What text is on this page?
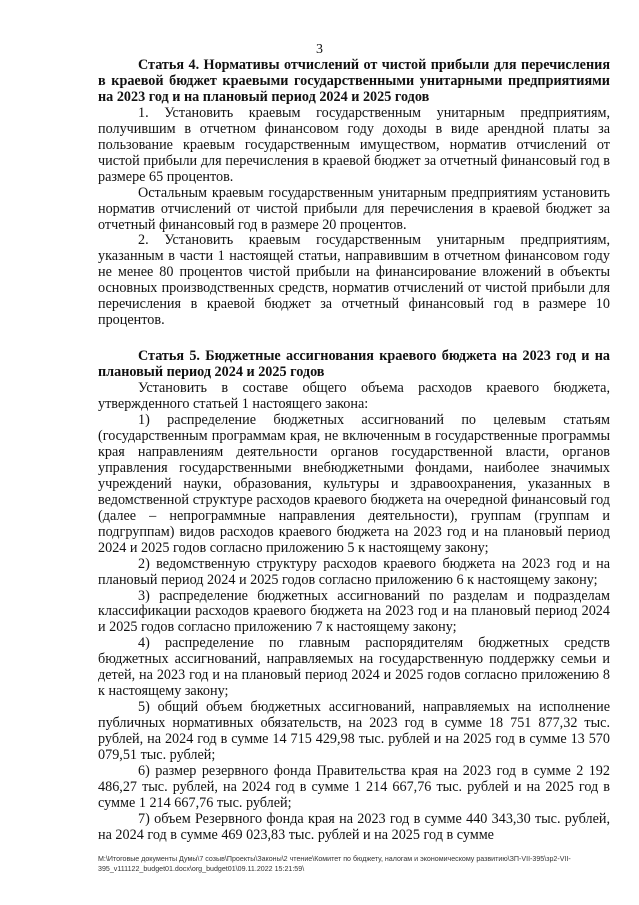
3

Статья 4. Нормативы отчислений от чистой прибыли для перечисления в краевой бюджет краевыми государственными унитарными предприятиями на 2023 год и на плановый период 2024 и 2025 годов

1. Установить краевым государственным унитарным предприятиям, получившим в отчетном финансовом году доходы в виде арендной платы за пользование краевым государственным имуществом, норматив отчислений от чистой прибыли для перечисления в краевой бюджет за отчетный финансовый год в размере 65 процентов.

Остальным краевым государственным унитарным предприятиям установить норматив отчислений от чистой прибыли для перечисления в краевой бюджет за отчетный финансовый год в размере 20 процентов.

2. Установить краевым государственным унитарным предприятиям, указанным в части 1 настоящей статьи, направившим в отчетном финансовом году не менее 80 процентов чистой прибыли на финансирование вложений в объекты основных производственных средств, норматив отчислений от чистой прибыли для перечисления в краевой бюджет за отчетный финансовый год в размере 10 процентов.

Статья 5. Бюджетные ассигнования краевого бюджета на 2023 год и на плановый период 2024 и 2025 годов

Установить в составе общего объема расходов краевого бюджета, утвержденного статьей 1 настоящего закона:

1) распределение бюджетных ассигнований по целевым статьям (государственным программам края, не включенным в государственные программы края направлениям деятельности органов государственной власти, органов управления государственными внебюджетными фондами, наиболее значимых учреждений науки, образования, культуры и здравоохранения, указанных в ведомственной структуре расходов краевого бюджета на очередной финансовый год (далее – непрограммные направления деятельности), группам (группам и подгруппам) видов расходов краевого бюджета на 2023 год и на плановый период 2024 и 2025 годов согласно приложению 5 к настоящему закону;

2) ведомственную структуру расходов краевого бюджета на 2023 год и на плановый период 2024 и 2025 годов согласно приложению 6 к настоящему закону;

3) распределение бюджетных ассигнований по разделам и подразделам классификации расходов краевого бюджета на 2023 год и на плановый период 2024 и 2025 годов согласно приложению 7 к настоящему закону;

4) распределение по главным распорядителям бюджетных средств бюджетных ассигнований, направляемых на государственную поддержку семьи и детей, на 2023 год и на плановый период 2024 и 2025 годов согласно приложению 8 к настоящему закону;

5) общий объем бюджетных ассигнований, направляемых на исполнение публичных нормативных обязательств, на 2023 год в сумме 18 751 877,32 тыс. рублей, на 2024 год в сумме 14 715 429,98 тыс. рублей и на 2025 год в сумме 13 570 079,51 тыс. рублей;

6) размер резервного фонда Правительства края на 2023 год в сумме 2 192 486,27 тыс. рублей, на 2024 год в сумме 1 214 667,76 тыс. рублей и на 2025 год в сумме 1 214 667,76 тыс. рублей;

7) объем Резервного фонда края на 2023 год в сумме 440 343,30 тыс. рублей, на 2024 год в сумме 469 023,83 тыс. рублей и на 2025 год в сумме

M:\Итоговые документы Думы\7 созыв\Проекты\Законы\2 чтение\Комитет по бюджету, налогам и экономическому развитию\ЗП-VII-395\зр2-VII-395_v111122_budget01.docx\org_budget01\09.11.2022 15:21:59\
